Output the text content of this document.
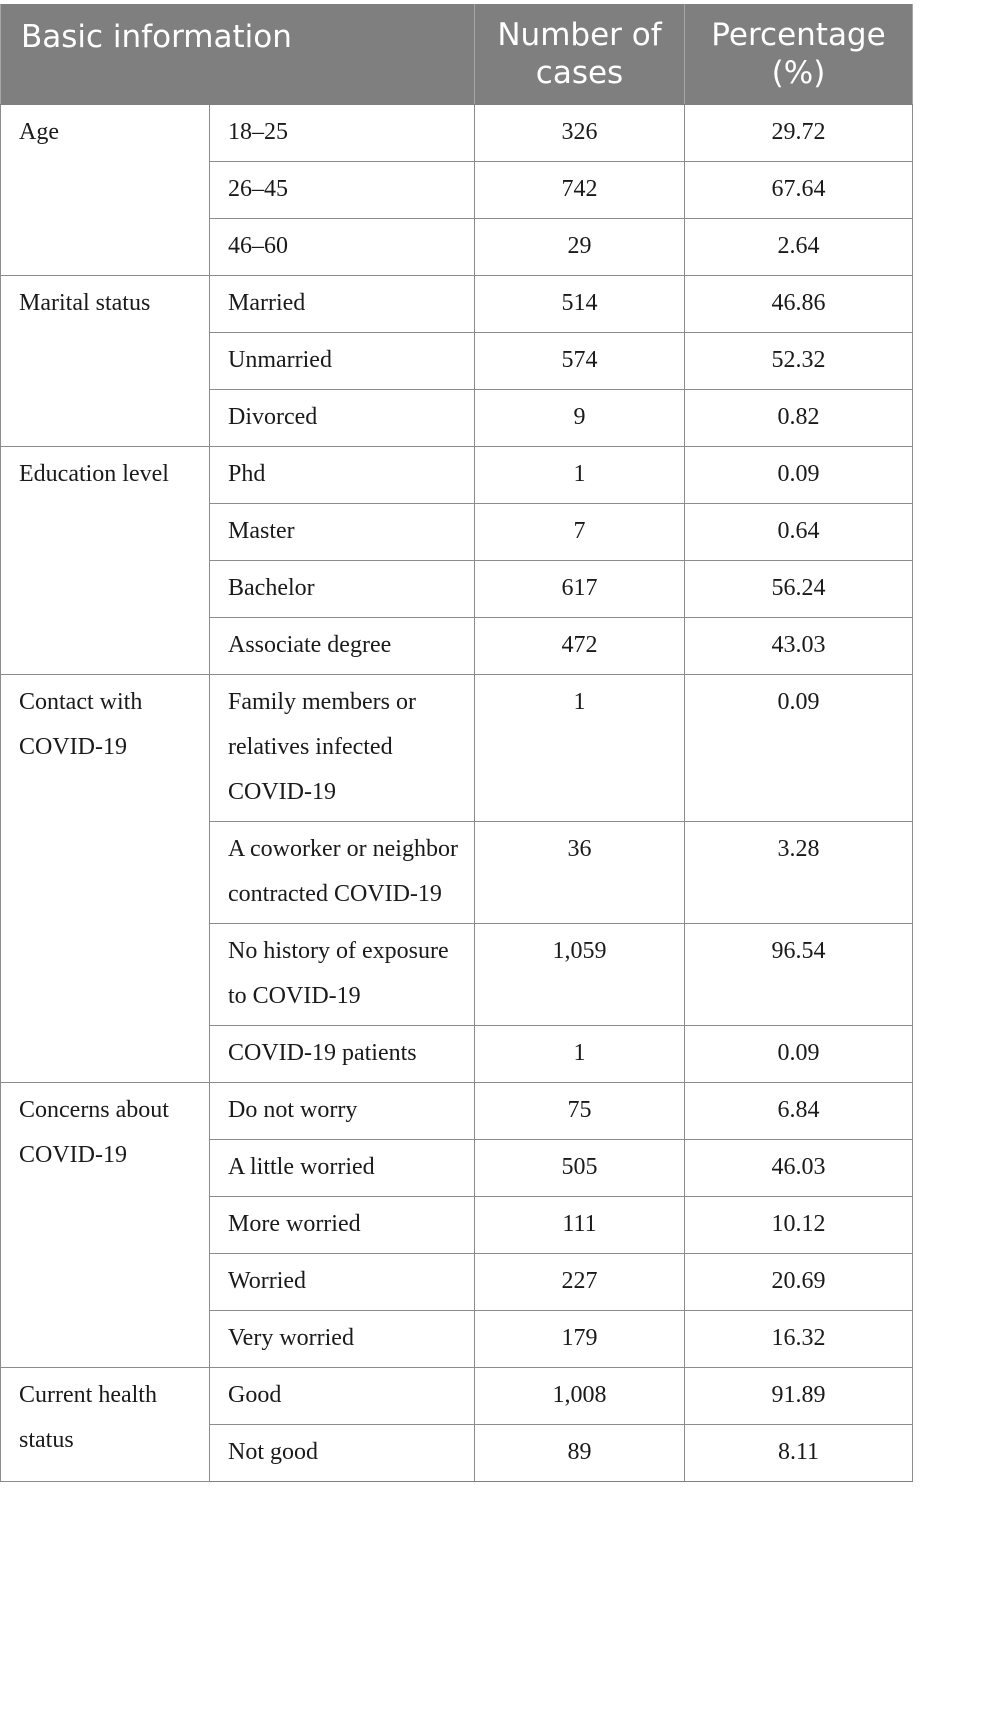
Basic information		Number of cases	Percentage (%)
Age	18–25	326	29.72
	26–45	742	67.64
	46–60	29	2.64
Marital status	Married	514	46.86
	Unmarried	574	52.32
	Divorced	9	0.82
Education level	Phd	1	0.09
	Master	7	0.64
	Bachelor	617	56.24
	Associate degree	472	43.03
Contact with COVID-19	Family members or relatives infected COVID-19	1	0.09
	A coworker or neighbor contracted COVID-19	36	3.28
	No history of exposure to COVID-19	1,059	96.54
	COVID-19 patients	1	0.09
Concerns about COVID-19	Do not worry	75	6.84
	A little worried	505	46.03
	More worried	111	10.12
	Worried	227	20.69
	Very worried	179	16.32
Current health status	Good	1,008	91.89
	Not good	89	8.11
